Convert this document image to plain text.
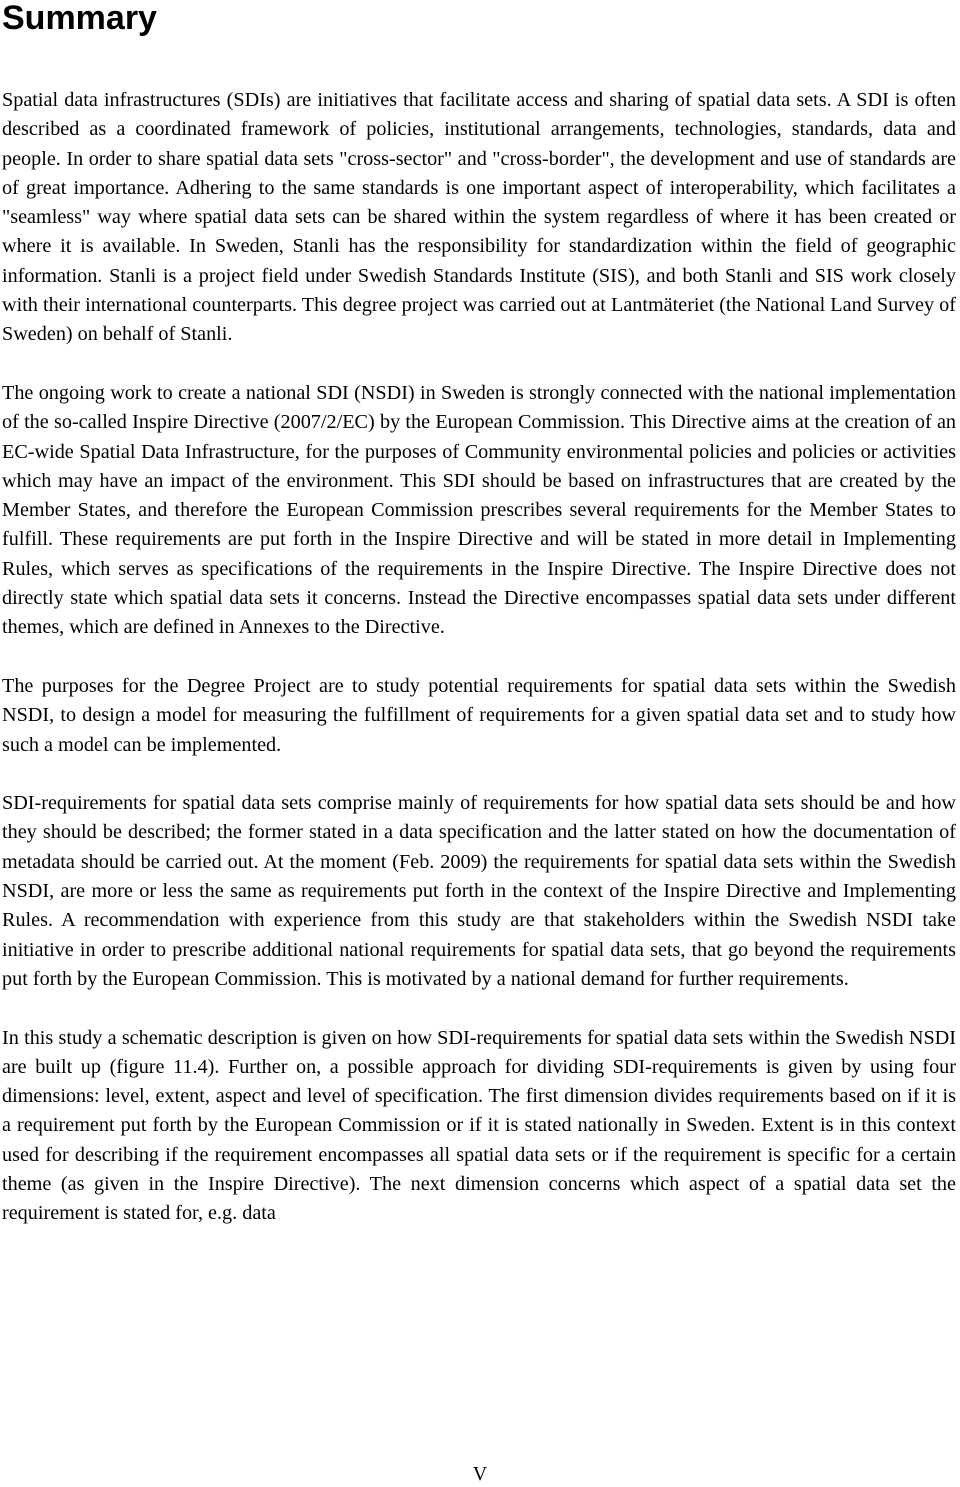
Summary

Spatial data infrastructures (SDIs) are initiatives that facilitate access and sharing of spatial data sets. A SDI is often described as a coordinated framework of policies, institutional arrangements, technologies, standards, data and people. In order to share spatial data sets "cross-sector" and "cross-border", the development and use of standards are of great importance. Adhering to the same standards is one important aspect of interoperability, which facilitates a "seamless" way where spatial data sets can be shared within the system regardless of where it has been created or where it is available. In Sweden, Stanli has the responsibility for standardization within the field of geographic information. Stanli is a project field under Swedish Standards Institute (SIS), and both Stanli and SIS work closely with their international counterparts. This degree project was carried out at Lantmäteriet (the National Land Survey of Sweden) on behalf of Stanli.

The ongoing work to create a national SDI (NSDI) in Sweden is strongly connected with the national implementation of the so-called Inspire Directive (2007/2/EC) by the European Commission. This Directive aims at the creation of an EC-wide Spatial Data Infrastructure, for the purposes of Community environmental policies and policies or activities which may have an impact of the environment. This SDI should be based on infrastructures that are created by the Member States, and therefore the European Commission prescribes several requirements for the Member States to fulfill. These requirements are put forth in the Inspire Directive and will be stated in more detail in Implementing Rules, which serves as specifications of the requirements in the Inspire Directive. The Inspire Directive does not directly state which spatial data sets it concerns. Instead the Directive encompasses spatial data sets under different themes, which are defined in Annexes to the Directive.

The purposes for the Degree Project are to study potential requirements for spatial data sets within the Swedish NSDI, to design a model for measuring the fulfillment of requirements for a given spatial data set and to study how such a model can be implemented.

SDI-requirements for spatial data sets comprise mainly of requirements for how spatial data sets should be and how they should be described; the former stated in a data specification and the latter stated on how the documentation of metadata should be carried out. At the moment (Feb. 2009) the requirements for spatial data sets within the Swedish NSDI, are more or less the same as requirements put forth in the context of the Inspire Directive and Implementing Rules. A recommendation with experience from this study are that stakeholders within the Swedish NSDI take initiative in order to prescribe additional national requirements for spatial data sets, that go beyond the requirements put forth by the European Commission. This is motivated by a national demand for further requirements.

In this study a schematic description is given on how SDI-requirements for spatial data sets within the Swedish NSDI are built up (figure 11.4). Further on, a possible approach for dividing SDI-requirements is given by using four dimensions: level, extent, aspect and level of specification. The first dimension divides requirements based on if it is a requirement put forth by the European Commission or if it is stated nationally in Sweden. Extent is in this context used for describing if the requirement encompasses all spatial data sets or if the requirement is specific for a certain theme (as given in the Inspire Directive). The next dimension concerns which aspect of a spatial data set the requirement is stated for, e.g. data

V
